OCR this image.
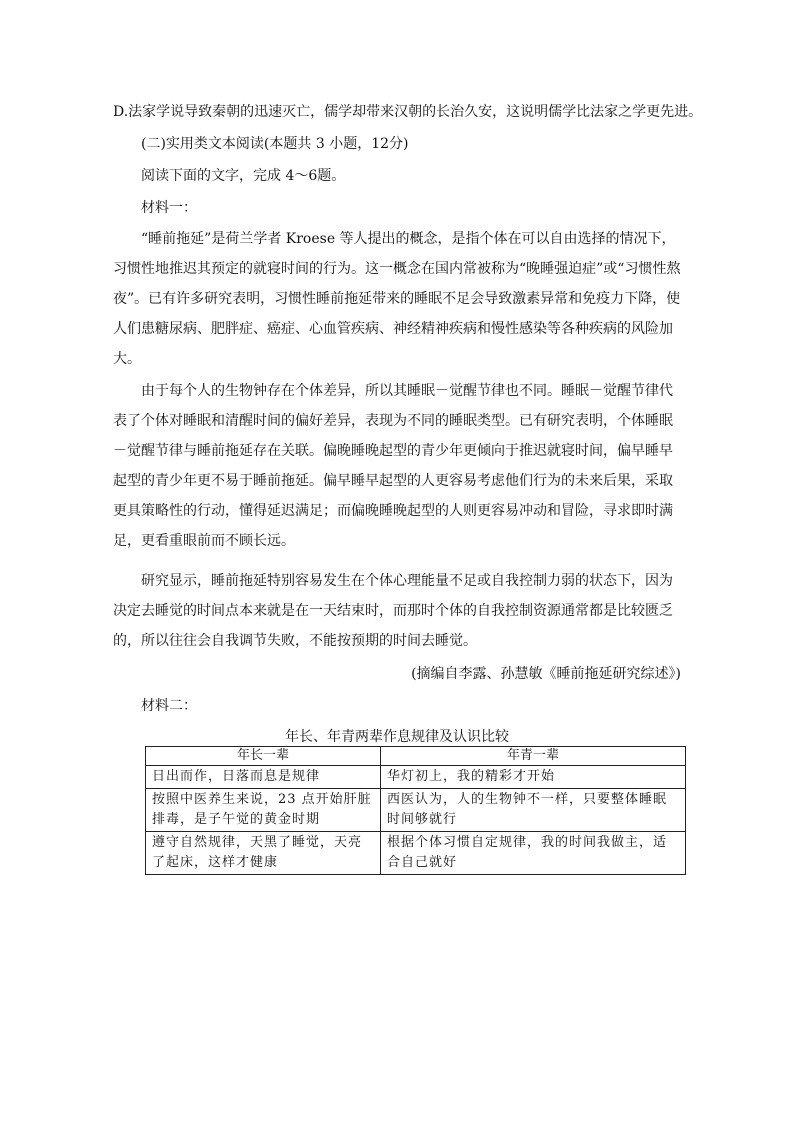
D.法家学说导致秦朝的迅速灭亡，儒学却带来汉朝的长治久安，这说明儒学比法家之学更先进。
(二)实用类文本阅读(本题共 3 小题，12分)
阅读下面的文字，完成 4～6题。
材料一：
“睡前拖延”是荷兰学者 Kroese 等人提出的概念，是指个体在可以自由选择的情况下，习惯性地推迟其预定的就寝时间的行为。这一概念在国内常被称为“晚睡强迫症”或“习惯性熬夜”。已有许多研究表明，习惯性睡前拖延带来的睡眠不足会导致激素异常和免疫力下降，使人们患糖尿病、肥胖症、癌症、心血管疾病、神经精神疾病和慢性感染等各种疾病的风险加大。
由于每个人的生物钟存在个体差异，所以其睡眠－觉醒节律也不同。睡眠－觉醒节律代表了个体对睡眠和清醒时间的偏好差异，表现为不同的睡眠类型。已有研究表明，个体睡眠－觉醒节律与睡前拖延存在关联。偏晚睡晚起型的青少年更倾向于推迟就寝时间，偏早睡早起型的青少年更不易于睡前拖延。偏早睡早起型的人更容易考虑他们行为的未来后果，采取更具策略性的行动，懂得延迟满足；而偏晚睡晚起型的人则更容易冲动和冒险，寻求即时满足，更看重眼前而不顾长远。
研究显示，睡前拖延特别容易发生在个体心理能量不足或自我控制力弱的状态下，因为决定去睡觉的时间点本来就是在一天结束时，而那时个体的自我控制资源通常都是比较匮乏的，所以往往会自我调节失败，不能按预期的时间去睡觉。
(摘编自李露、孙慧敏《睡前拖延研究综述》)
材料二：
年长、年青两辈作息规律及认识比较
年长一辈	年青一辈
日出而作，日落而息是规律	华灯初上，我的精彩才开始
按照中医养生来说，23 点开始肝脏排毒，是子午觉的黄金时期	西医认为，人的生物钟不一样，只要整体睡眠时间够就行
遵守自然规律，天黑了睡觉，天亮了起床，这样才健康	根据个体习惯自定规律，我的时间我做主，适合自己就好
